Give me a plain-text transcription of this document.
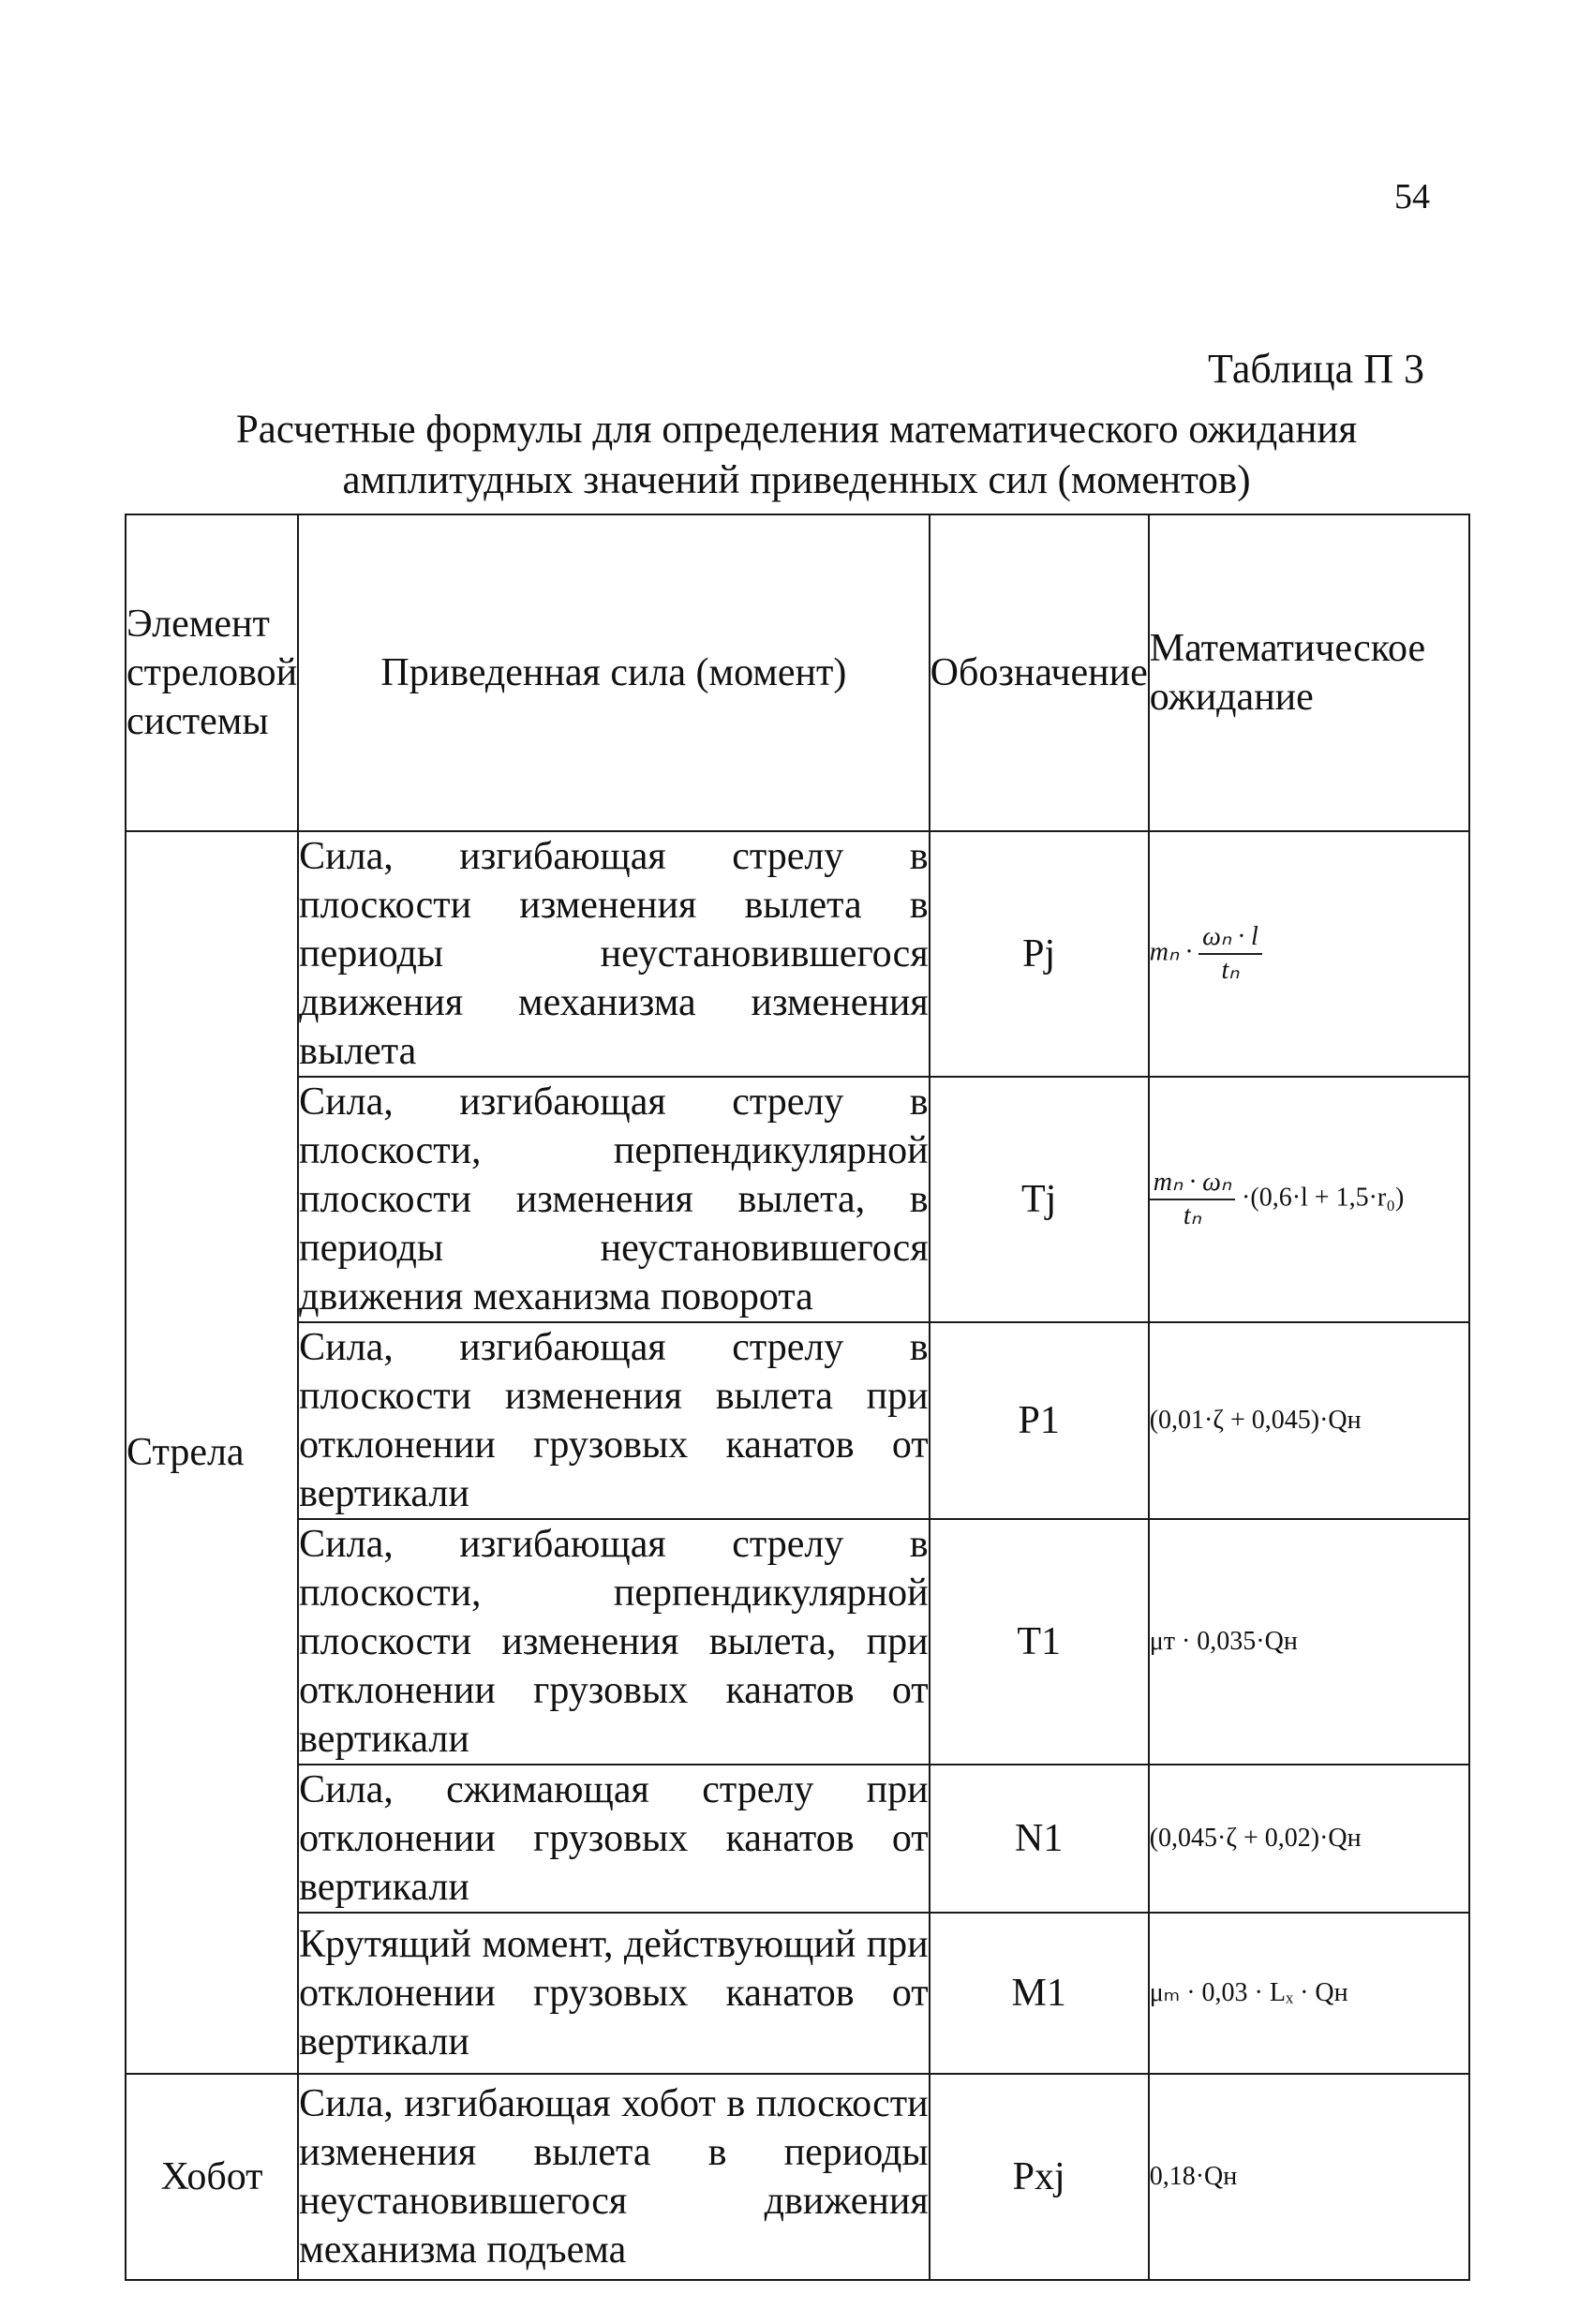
54
Таблица П 3
Расчетные формулы для определения математического ожидания амплитудных значений приведенных сил (моментов)
Элемент стреловой системы	Приведенная сила (момент)	Обозначение	Математическое ожидание
Стрела	Сила, изгибающая стрелу в плоскости изменения вылета в периоды неустановившегося движения механизма изменения вылета	Pj	$m_n \cdot \frac{\text{ωₙ · l}}{\text{tₙ}}$

	Сила, изгибающая стрелу в плоскости, перпендикулярной плоскости изменения вылета, в периоды неустановившегося движения механизма поворота	Tj	$\frac{\text{mₙ · ωₙ}}{\text{tₙ}} \cdot(0,6\cdot l + 1,5\cdot r_0)$
	Сила, изгибающая стрелу в плоскости изменения вылета при отклонении грузовых канатов от вертикали	P1	(0,01·ζ + 0,045)·Qн
	Сила, изгибающая стрелу в плоскости, перпендикулярной плоскости изменения вылета, при отклонении грузовых канатов от вертикали	T1	μᴛ · 0,035·Qн
	Сила, сжимающая стрелу при отклонении грузовых канатов от вертикали	N1	(0,045·ζ + 0,02)·Qн
	Крутящий момент, действующий при отклонении грузовых канатов от вертикали	M1	μₘ · 0,03 · Lₓ · Qн
Хобот	Сила, изгибающая хобот в плоскости изменения вылета в периоды неустановившегося движения механизма подъема	Pxj	0,18·Qн
